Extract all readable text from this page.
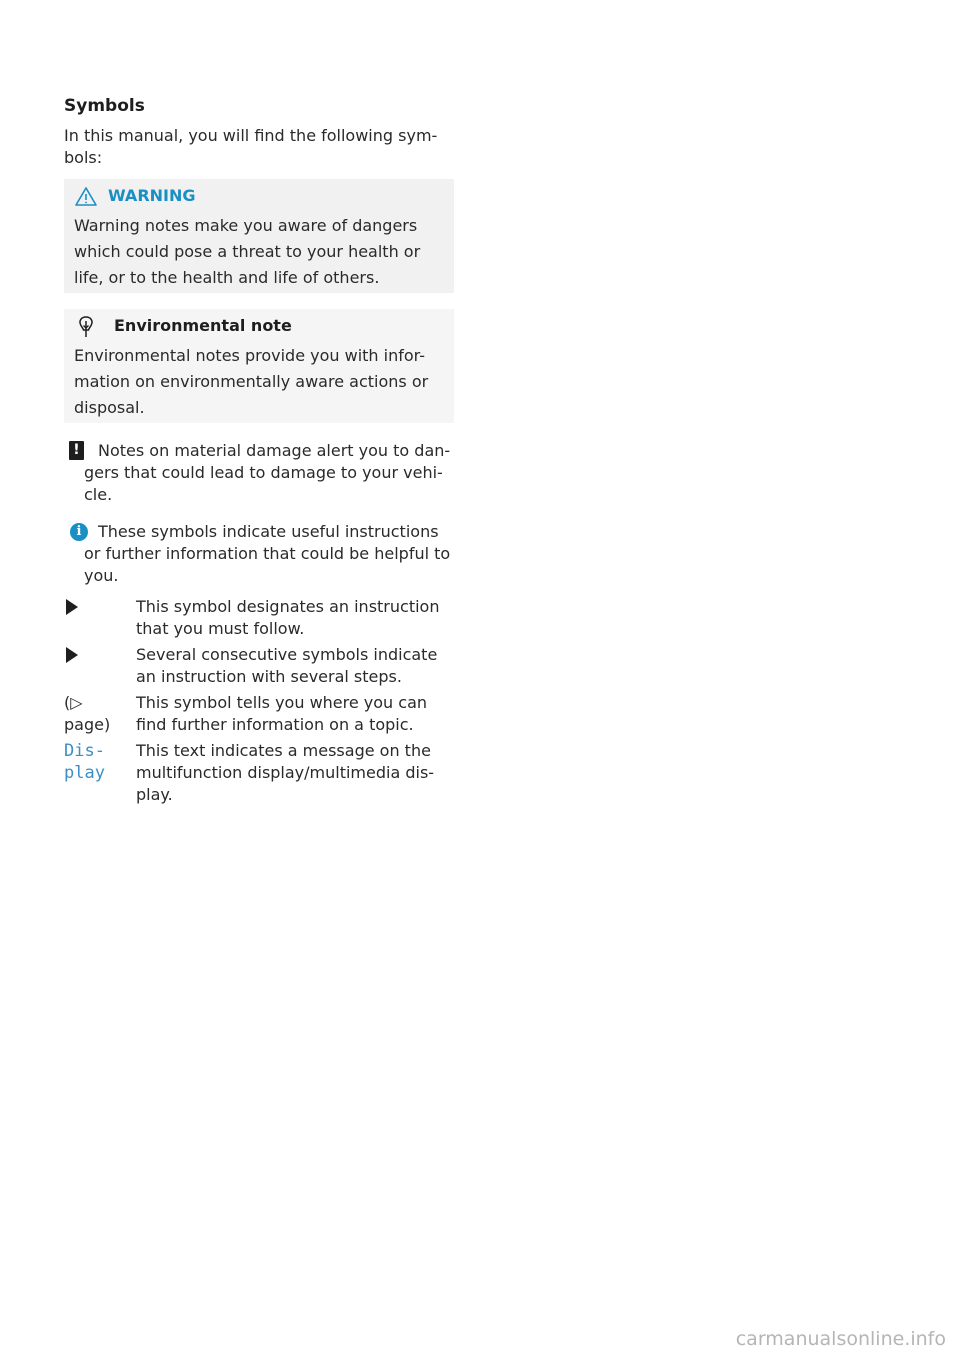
Symbols
In this manual, you will find the following sym- bols:
WARNING
Warning notes make you aware of dangers which could pose a threat to your health or life, or to the health and life of others.
Environmental note
Environmental notes provide you with infor- mation on environmentally aware actions or disposal.
! Notes on material damage alert you to dan-
gers that could lead to damage to your vehi- cle.
i	These symbols indicate useful instructions
or further information that could be helpful to you.
This symbol designates an instruction that you must follow.
Several consecutive symbols indicate an instruction with several steps.
(▷ page)
This symbol tells you where you can find further information on a topic.
Dis- play
This text indicates a message on the multifunction display/multimedia dis- play.
carmanualsonline.info
